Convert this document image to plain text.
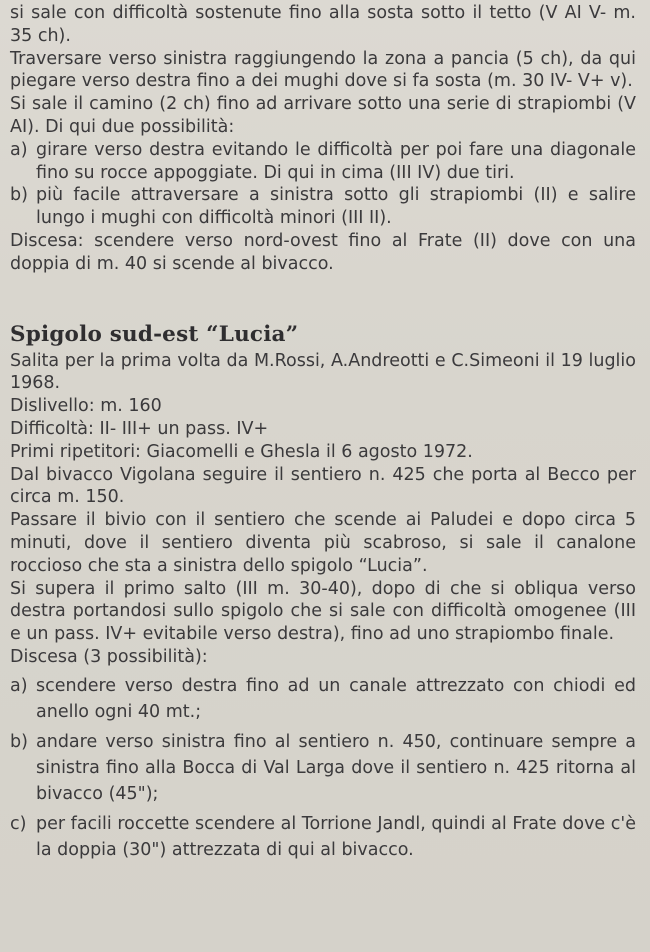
si sale con difficoltà sostenute fino alla sosta sotto il tetto (V AI V- m. 35 ch).

Traversare verso sinistra raggiungendo la zona a pancia (5 ch), da qui piegare verso destra fino a dei mughi dove si fa sosta (m. 30 IV- V+ v).

Si sale il camino (2 ch) fino ad arrivare sotto una serie di strapiombi (V AI). Di qui due possibilità:

a) girare verso destra evitando le difficoltà per poi fare una diagonale fino su rocce appoggiate. Di qui in cima (III IV) due tiri.
b) più facile attraversare a sinistra sotto gli strapiombi (II) e salire lungo i mughi con difficoltà minori (III II).

Discesa: scendere verso nord-ovest fino al Frate (II) dove con una doppia di m. 40 si scende al bivacco.

Spigolo sud-est “Lucia”

Salita per la prima volta da M.Rossi, A.Andreotti e C.Simeoni il 19 luglio 1968.

Dislivello: m. 160

Difficoltà: II- III+ un pass. IV+

Primi ripetitori: Giacomelli e Ghesla il 6 agosto 1972.

Dal bivacco Vigolana seguire il sentiero n. 425 che porta al Becco per circa m. 150.

Passare il bivio con il sentiero che scende ai Paludei e dopo circa 5 minuti, dove il sentiero diventa più scabroso, si sale il canalone roccioso che sta a sinistra dello spigolo “Lucia”.

Si supera il primo salto (III m. 30-40), dopo di che si obliqua verso destra portandosi sullo spigolo che si sale con difficoltà omogenee (III e un pass. IV+ evitabile verso destra), fino ad uno strapiombo finale.

Discesa (3 possibilità):

a) scendere verso destra fino ad un canale attrezzato con chiodi ed anello ogni 40 mt.;
b) andare verso sinistra fino al sentiero n. 450, continuare sempre a sinistra fino alla Bocca di Val Larga dove il sentiero n. 425 ritorna al bivacco (45");
c) per facili roccette scendere al Torrione Jandl, quindi al Frate dove c'è la doppia (30") attrezzata di qui al bivacco.
